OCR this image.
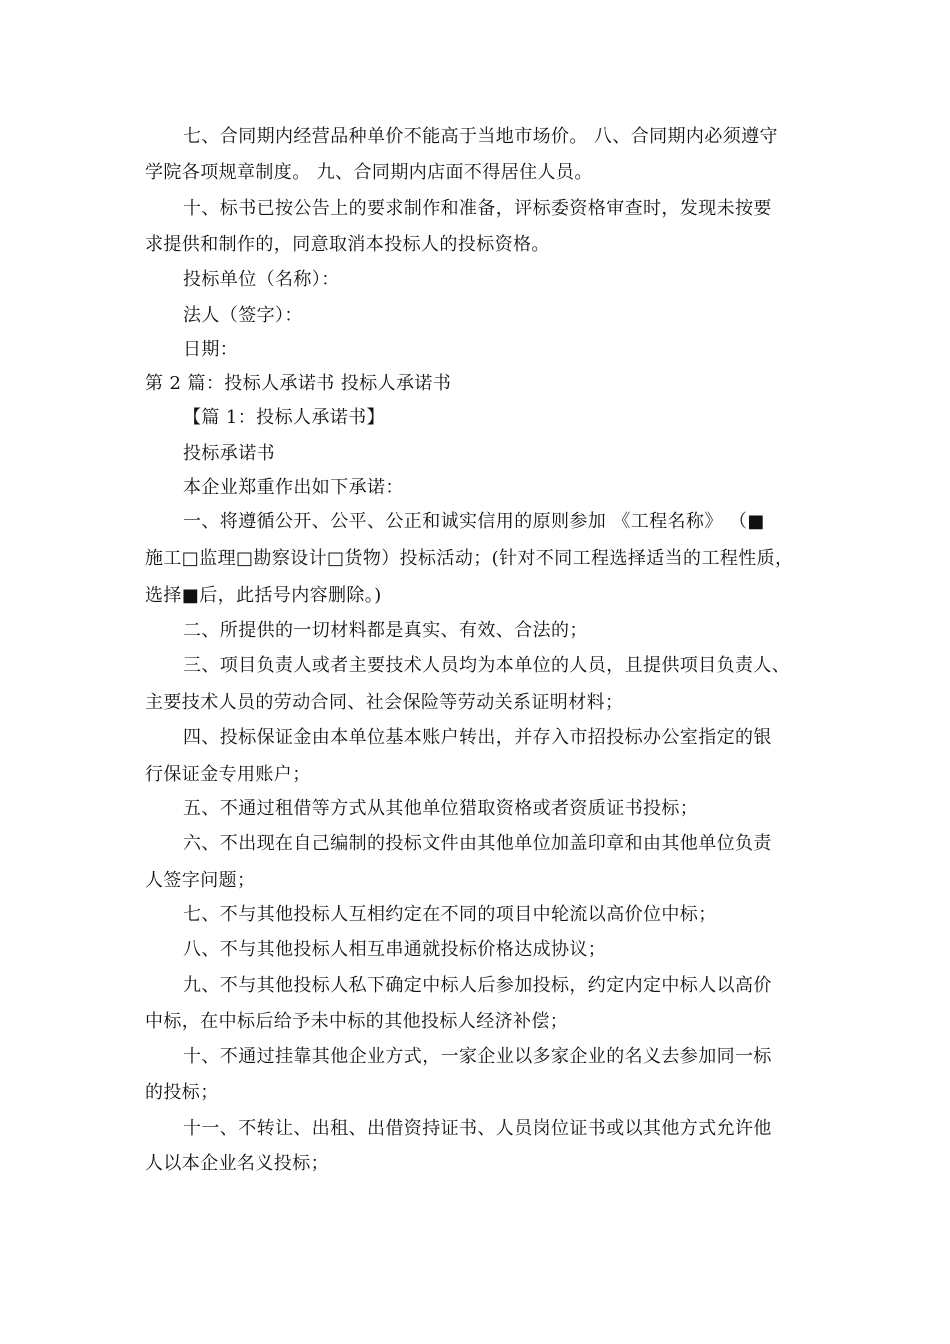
七、合同期内经营品种单价不能高于当地市场价。 八、合同期内必须遵守
学院各项规章制度。 九、合同期内店面不得居住人员。
十、标书已按公告上的要求制作和准备，评标委资格审查时，发现未按要
求提供和制作的，同意取消本投标人的投标资格。
投标单位（名称）：
法人（签字）：
日期：
第 2 篇：投标人承诺书 投标人承诺书
【篇 1：投标人承诺书】
投标承诺书
本企业郑重作出如下承诺：
一、将遵循公开、公平、公正和诚实信用的原则参加 《工程名称》 （■
施工□监理□勘察设计□货物）投标活动；(针对不同工程选择适当的工程性质，
选择■后，此括号内容删除。)
二、所提供的一切材料都是真实、有效、合法的；
三、项目负责人或者主要技术人员均为本单位的人员，且提供项目负责人、
主要技术人员的劳动合同、社会保险等劳动关系证明材料；
四、投标保证金由本单位基本账户转出，并存入市招投标办公室指定的银
行保证金专用账户；
五、不通过租借等方式从其他单位猎取资格或者资质证书投标；
六、不出现在自己编制的投标文件由其他单位加盖印章和由其他单位负责
人签字问题；
七、不与其他投标人互相约定在不同的项目中轮流以高价位中标；
八、不与其他投标人相互串通就投标价格达成协议；
九、不与其他投标人私下确定中标人后参加投标，约定内定中标人以高价
中标，在中标后给予未中标的其他投标人经济补偿；
十、不通过挂靠其他企业方式，一家企业以多家企业的名义去参加同一标
的投标；
十一、不转让、出租、出借资持证书、人员岗位证书或以其他方式允许他
人以本企业名义投标；
